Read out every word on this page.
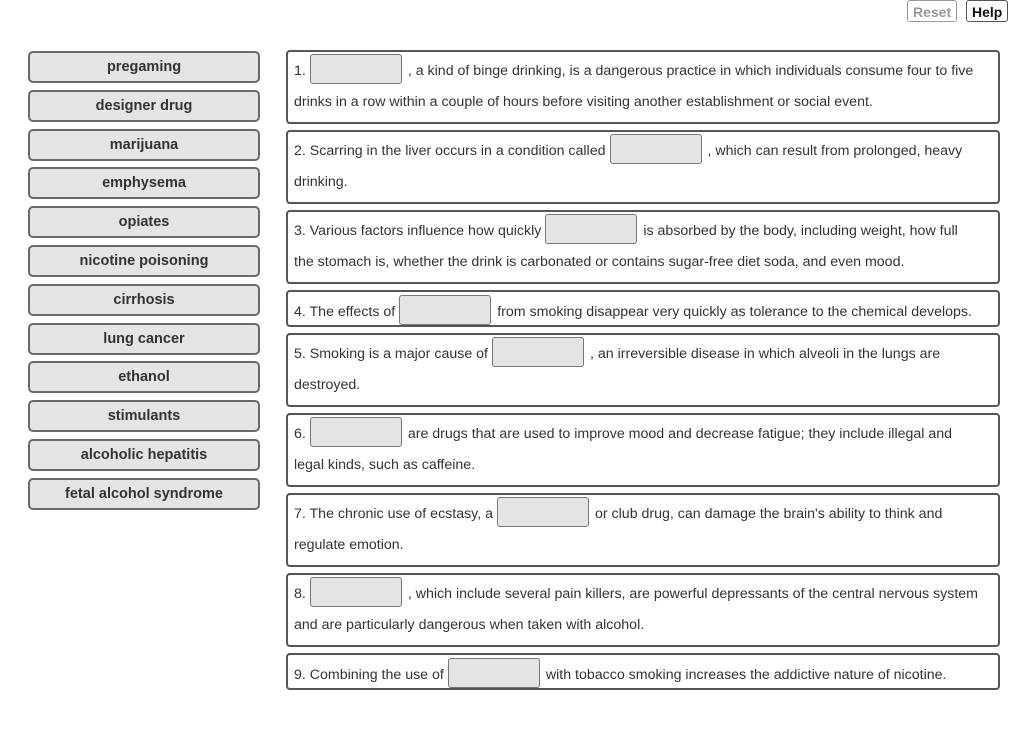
Reset	Help
pregaming
designer drug
marijuana
emphysema
opiates
nicotine poisoning
cirrhosis
lung cancer
ethanol
stimulants
alcoholic hepatitis
fetal alcohol syndrome
1.	, a kind of binge drinking, is a dangerous practice in which individuals consume four to five
drinks in a row within a couple of hours before visiting another establishment or social event.
2. Scarring in the liver occurs in a condition called	, which can result from prolonged, heavy
drinking.
3. Various factors influence how quickly	is absorbed by the body, including weight, how full
the stomach is, whether the drink is carbonated or contains sugar-free diet soda, and even mood.
4. The effects of	from smoking disappear very quickly as tolerance to the chemical develops.
5. Smoking is a major cause of	, an irreversible disease in which alveoli in the lungs are
destroyed.
6.	are drugs that are used to improve mood and decrease fatigue; they include illegal and
legal kinds, such as caffeine.
7. The chronic use of ecstasy, a	or club drug, can damage the brain's ability to think and
regulate emotion.
8.	, which include several pain killers, are powerful depressants of the central nervous system
and are particularly dangerous when taken with alcohol.
9. Combining the use of	with tobacco smoking increases the addictive nature of nicotine.
